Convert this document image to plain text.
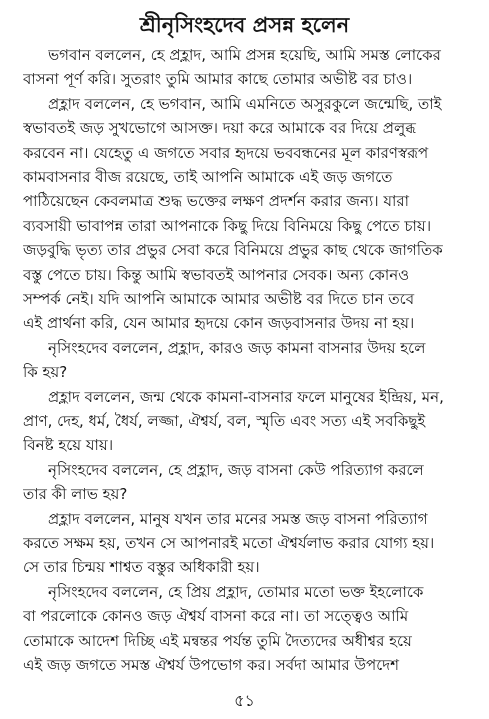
শ্রীনৃসিংহদেব প্রসন্ন হলেন
ভগবান বললেন, হে প্রহ্লাদ, আমি প্রসন্ন হয়েছি, আমি সমস্ত লোকের
বাসনা পূর্ণ করি। সুতরাং তুমি আমার কাছে তোমার অভীষ্ট বর চাও।
প্রহ্লাদ বললেন, হে ভগবান, আমি এমনিতে অসুরকুলে জন্মেছি, তাই
স্বভাবতই জড় সুখভোগে আসক্ত। দয়া করে আমাকে বর দিয়ে প্রলুব্ধ
করবেন না। যেহেতু এ জগতে সবার হৃদয়ে ভববন্ধনের মূল কারণস্বরূপ
কামবাসনার বীজ রয়েছে, তাই আপনি আমাকে এই জড় জগতে
পাঠিয়েছেন কেবলমাত্র শুদ্ধ ভক্তের লক্ষণ প্রদর্শন করার জন্য। যারা
ব্যবসায়ী ভাবাপন্ন তারা আপনাকে কিছু দিয়ে বিনিময়ে কিছু পেতে চায়।
জড়বুদ্ধি ভৃত্য তার প্রভুর সেবা করে বিনিময়ে প্রভুর কাছ থেকে জাগতিক
বস্তু পেতে চায়। কিন্তু আমি স্বভাবতই আপনার সেবক। অন্য কোনও
সম্পর্ক নেই। যদি আপনি আমাকে আমার অভীষ্ট বর দিতে চান তবে
এই প্রার্থনা করি, যেন আমার হৃদয়ে কোন জড়বাসনার উদয় না হয়।
নৃসিংহদেব বললেন, প্রহ্লাদ, কারও জড় কামনা বাসনার উদয় হলে
কি হয়?
প্রহ্লাদ বললেন, জন্ম থেকে কামনা-বাসনার ফলে মানুষের ইন্দ্রিয়, মন,
প্রাণ, দেহ, ধর্ম, ধৈর্য, লজ্জা, ঐশ্বর্য, বল, স্মৃতি এবং সত্য এই সবকিছুই
বিনষ্ট হয়ে যায়।
নৃসিংহদেব বললেন, হে প্রহ্লাদ, জড় বাসনা কেউ পরিত্যাগ করলে
তার কী লাভ হয়?
প্রহ্লাদ বললেন, মানুষ যখন তার মনের সমস্ত জড় বাসনা পরিত্যাগ
করতে সক্ষম হয়, তখন সে আপনারই মতো ঐশ্বর্যলাভ করার যোগ্য হয়।
সে তার চিন্ময় শাশ্বত বস্তুর অধিকারী হয়।
নৃসিংহদেব বললেন, হে প্রিয় প্রহ্লাদ, তোমার মতো ভক্ত ইহলোকে
বা পরলোকে কোনও জড় ঐশ্বর্য বাসনা করে না। তা সত্ত্বেও আমি
তোমাকে আদেশ দিচ্ছি এই মন্বন্তর পর্যন্ত তুমি দৈত্যদের অধীশ্বর হয়ে
এই জড় জগতে সমস্ত ঐশ্বর্য উপভোগ কর। সর্বদা আমার উপদেশ
৫১
